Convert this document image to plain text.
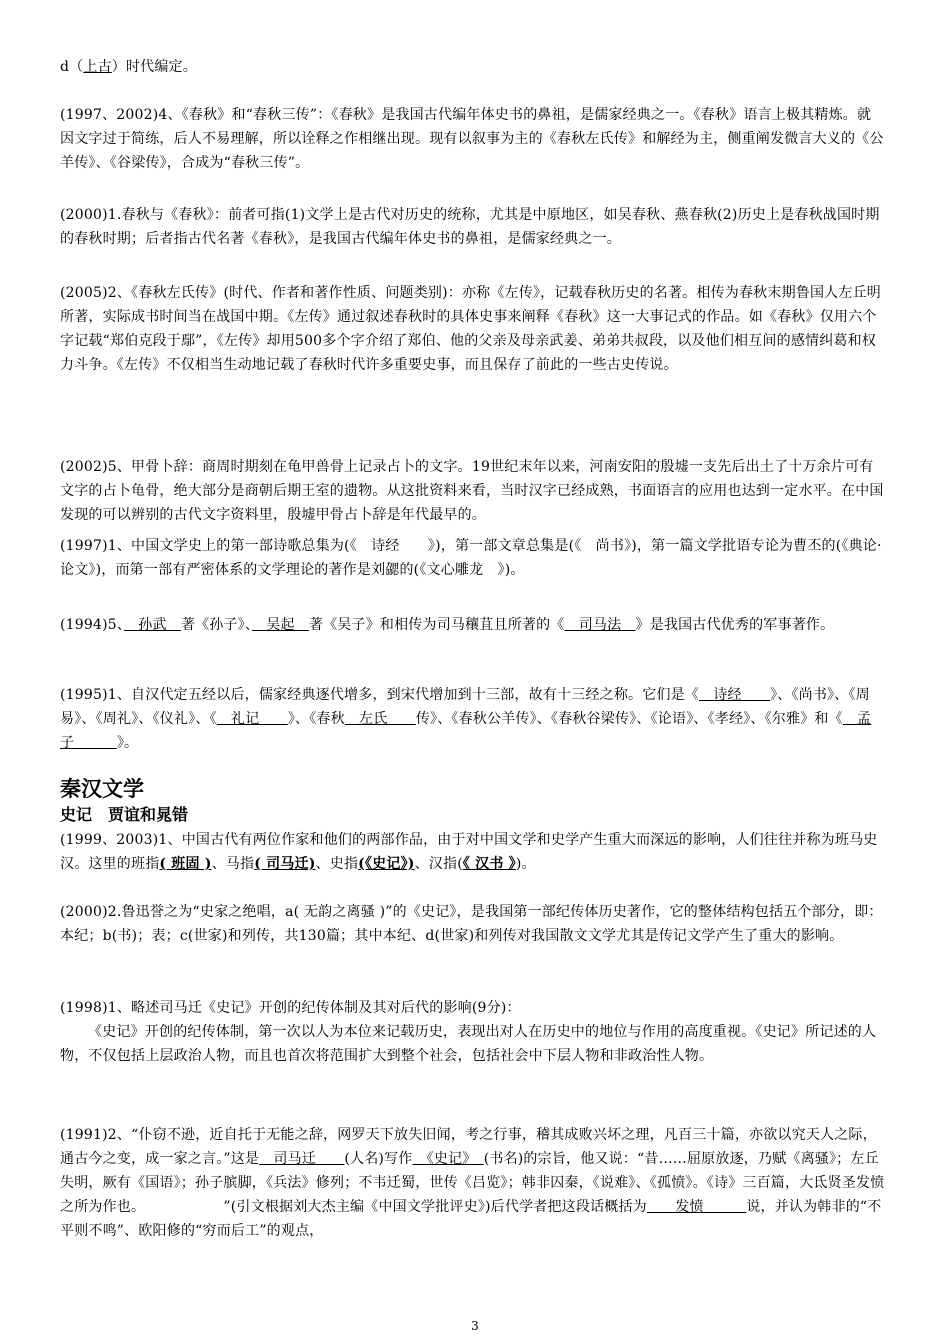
d（上古）时代编定。

(1997、2002)4、《春秋》和“春秋三传”：《春秋》是我国古代编年体史书的鼻祖，是儒家经典之一。《春秋》语言上极其精炼。就因文字过于简练，后人不易理解，所以诠释之作相继出现。现有以叙事为主的《春秋左氏传》和解经为主，侧重阐发微言大义的《公羊传》、《谷梁传》，合成为“春秋三传”。

(2000)1.春秋与《春秋》：前者可指(1)文学上是古代对历史的统称，尤其是中原地区，如吴春秋、燕春秋(2)历史上是春秋战国时期的春秋时期；后者指古代名著《春秋》，是我国古代编年体史书的鼻祖，是儒家经典之一。

(2005)2、《春秋左氏传》(时代、作者和著作性质、问题类别)：亦称《左传》，记载春秋历史的名著。相传为春秋末期鲁国人左丘明所著，实际成书时间当在战国中期。《左传》通过叙述春秋时的具体史事来阐释《春秋》这一大事记式的作品。如《春秋》仅用六个字记载“郑伯克段于鄢”，《左传》却用500多个字介绍了郑伯、他的父亲及母亲武姜、弟弟共叔段，以及他们相互间的感情纠葛和权力斗争。《左传》不仅相当生动地记载了春秋时代许多重要史事，而且保存了前此的一些古史传说。

(2002)5、甲骨卜辞：商周时期刻在龟甲兽骨上记录占卜的文字。19世纪末年以来，河南安阳的殷墟一支先后出土了十万余片可有文字的占卜龟骨，绝大部分是商朝后期王室的遗物。从这批资料来看，当时汉字已经成熟，书面语言的应用也达到一定水平。在中国发现的可以辨别的古代文字资料里，殷墟甲骨占卜辞是年代最早的。

(1997)1、中国文学史上的第一部诗歌总集为(《　诗经　　》)，第一部文章总集是(《　尚书》)，第一篇文学批语专论为曹丕的(《典论·论文》)，而第一部有严密体系的文学理论的著作是刘勰的(《文心雕龙　》)。

(1994)5、　孙武　著《孙子》、　吴起　著《吴子》和相传为司马穰苴且所著的《　司马法　》是我国古代优秀的军事著作。

(1995)1、自汉代定五经以后，儒家经典逐代增多，到宋代增加到十三部，故有十三经之称。它们是《　诗经　　》、《尚书》、《周易》、《周礼》、《仪礼》、《　礼记　　》、《春秋　左氏　　传》、《春秋公羊传》、《春秋谷梁传》、《论语》、《孝经》、《尔雅》和《　孟子　　　》。

秦汉文学
史记　贾谊和晁错

(1999、2003)1、中国古代有两位作家和他们的两部作品，由于对中国文学和史学产生重大而深远的影响，人们往往并称为班马史汉。这里的班指( 班固 )、马指( 司马迁)、史指(《史记》)、汉指(《 汉书 》)。

(2000)2.鲁迅誉之为“史家之绝唱，a( 无韵之离骚 )”的《史记》，是我国第一部纪传体历史著作，它的整体结构包括五个部分，即：本纪；b(书)；表；c(世家)和列传，共130篇；其中本纪、d(世家)和列传对我国散文文学尤其是传记文学产生了重大的影响。

(1998)1、略述司马迁《史记》开创的纪传体制及其对后代的影响(9分)：

《史记》开创的纪传体制，第一次以人为本位来记载历史，表现出对人在历史中的地位与作用的高度重视。《史记》所记述的人物，不仅包括上层政治人物，而且也首次将范围扩大到整个社会，包括社会中下层人物和非政治性人物。

(1991)2、“仆窃不逊，近自托于无能之辞，网罗天下放失旧闻，考之行事，稽其成败兴坏之理，凡百三十篇，亦欲以究天人之际，通古今之变，成一家之言。”这是　司马迁　　(人名)写作　《史记》　(书名)的宗旨，他又说：“昔……屈原放逐，乃赋《离骚》；左丘失明，厥有《国语》；孙子膑脚，《兵法》修列；不韦迁蜀，世传《吕览》；韩非囚秦，《说难》、《孤愤》。《诗》三百篇，大氐贤圣发愤之所为作也。　　　　　　	”(引文根据刘大杰主编《中国文学批评史》)后代学者把这段话概括为　　发愤　　　说，并认为韩非的“不平则不鸣”、欧阳修的“穷而后工”的观点，

3
